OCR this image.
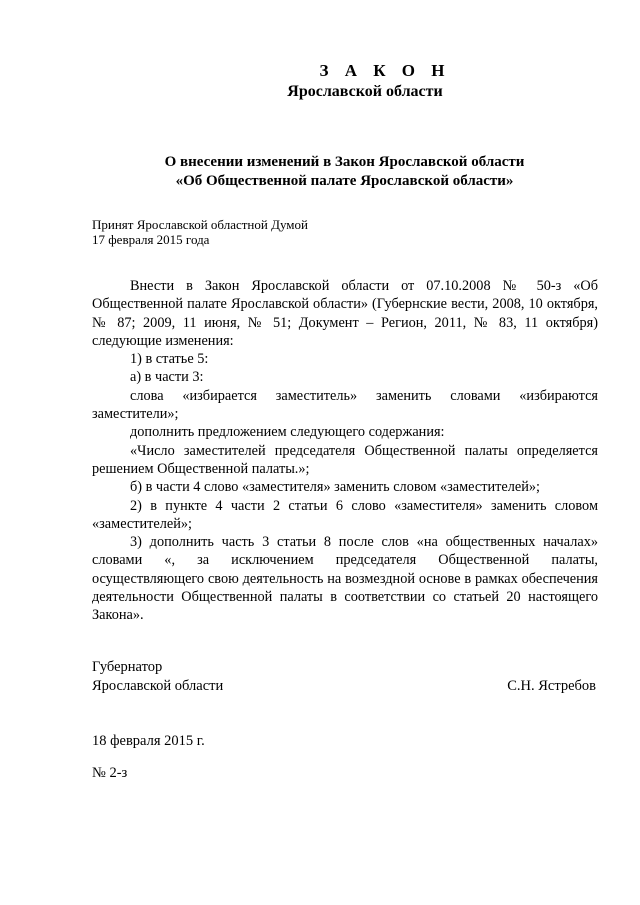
З А К О Н
Ярославской области
О внесении изменений в Закон Ярославской области
«Об Общественной палате Ярославской области»
Принят Ярославской областной Думой
17 февраля 2015 года

Внести в Закон Ярославской области от 07.10.2008 № 50-з «Об Общественной палате Ярославской области» (Губернские вести, 2008, 10 октября, № 87; 2009, 11 июня, № 51; Документ – Регион, 2011, № 83, 11 октября) следующие изменения:

1) в статье 5:

а) в части 3:

слова «избирается заместитель» заменить словами «избираются заместители»;

дополнить предложением следующего содержания:

«Число заместителей председателя Общественной палаты определяется решением Общественной палаты.»;

б) в части 4 слово «заместителя» заменить словом «заместителей»;

2) в пункте 4 части 2 статьи 6 слово «заместителя» заменить словом «заместителей»;

3) дополнить часть 3 статьи 8 после слов «на общественных началах» словами «, за исключением председателя Общественной палаты, осуществляющего свою деятельность на возмездной основе в рамках обеспечения деятельности Общественной палаты в соответствии со статьей 20 настоящего Закона».

Губернатор
Ярославской области	С.Н. Ястребов
18 февраля 2015 г.
№ 2-з
